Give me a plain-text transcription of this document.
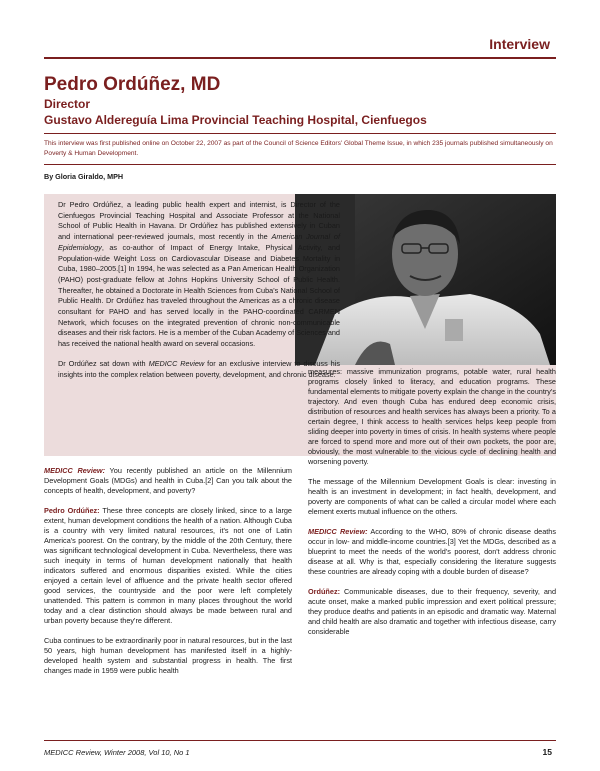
Interview
Pedro Ordúñez, MD
Director
Gustavo Aldereguía Lima Provincial Teaching Hospital, Cienfuegos
This interview was first published online on October 22, 2007 as part of the Council of Science Editors' Global Theme Issue, in which 235 journals published simultaneously on Poverty & Human Development.
By Gloria Giraldo, MPH

Dr Pedro Ordúñez, a leading public health expert and internist, is Director of the Cienfuegos Provincial Teaching Hospital and Associate Professor at the National School of Public Health in Havana. Dr Ordúñez has published extensively in Cuban and international peer-reviewed journals, most recently in the American Journal of Epidemiology, as co-author of Impact of Energy Intake, Physical Activity, and Population-wide Weight Loss on Cardiovascular Disease and Diabetes Mortality in Cuba, 1980–2005.[1] In 1994, he was selected as a Pan American Health Organization (PAHO) post-graduate fellow at Johns Hopkins University School of Public Health. Thereafter, he obtained a Doctorate in Health Sciences from Cuba's National School of Public Health. Dr Ordúñez has traveled throughout the Americas as a chronic disease consultant for PAHO and has served locally in the PAHO-coordinated CARMEN Network, which focuses on the integrated prevention of chronic non-communicable diseases and their risk factors. He is a member of the Cuban Academy of Sciences and has received the national health award on several occasions.

Dr Ordúñez sat down with MEDICC Review for an exclusive interview to discuss his insights into the complex relation between poverty, development, and chronic disease.

MEDICC Review: You recently published an article on the Millennium Development Goals (MDGs) and health in Cuba.[2] Can you talk about the concepts of health, development, and poverty?

Pedro Ordúñez: These three concepts are closely linked, since to a large extent, human development conditions the health of a nation. Although Cuba is a country with very limited natural resources, it's not one of Latin America's poorest. On the contrary, by the middle of the 20th Century, there was significant technological development in Cuba. Nevertheless, there was such inequity in terms of human development nationally that health indicators suffered and enormous disparities existed. While the cities enjoyed a certain level of affluence and the private health sector offered good services, the countryside and the poor were left completely unattended. This pattern is common in many places throughout the world today and a clear distinction should always be made between rural and urban poverty because they're different.

Cuba continues to be extraordinarily poor in natural resources, but in the last 50 years, high human development has manifested itself in a highly-developed health system and substantial progress in health. The first changes made in 1959 were public health

measures: massive immunization programs, potable water, rural health programs closely linked to literacy, and education programs. These fundamental elements to mitigate poverty explain the change in the country's trajectory. And even though Cuba has endured deep economic crisis, distribution of resources and health services has always been a priority. To a certain degree, I think access to health services helps keep people from sliding deeper into poverty in times of crisis. In health systems where people are forced to spend more and more out of their own pockets, the poor are, obviously, the most vulnerable to the vicious cycle of declining health and worsening poverty.

The message of the Millennium Development Goals is clear: investing in health is an investment in development; in fact health, development, and poverty are components of what can be called a circular model where each element exerts mutual influence on the others.

MEDICC Review: According to the WHO, 80% of chronic disease deaths occur in low- and middle-income countries.[3] Yet the MDGs, described as a blueprint to meet the needs of the world's poorest, don't address chronic disease at all. Why is that, especially considering the literature suggests these countries are already coping with a double burden of disease?

Ordúñez: Communicable diseases, due to their frequency, severity, and acute onset, make a marked public impression and exert political pressure; they produce deaths and patients in an episodic and dramatic way. Maternal and child health are also dramatic and together with infectious disease, carry considerable

MEDICC Review, Winter 2008, Vol 10, No 1	15
